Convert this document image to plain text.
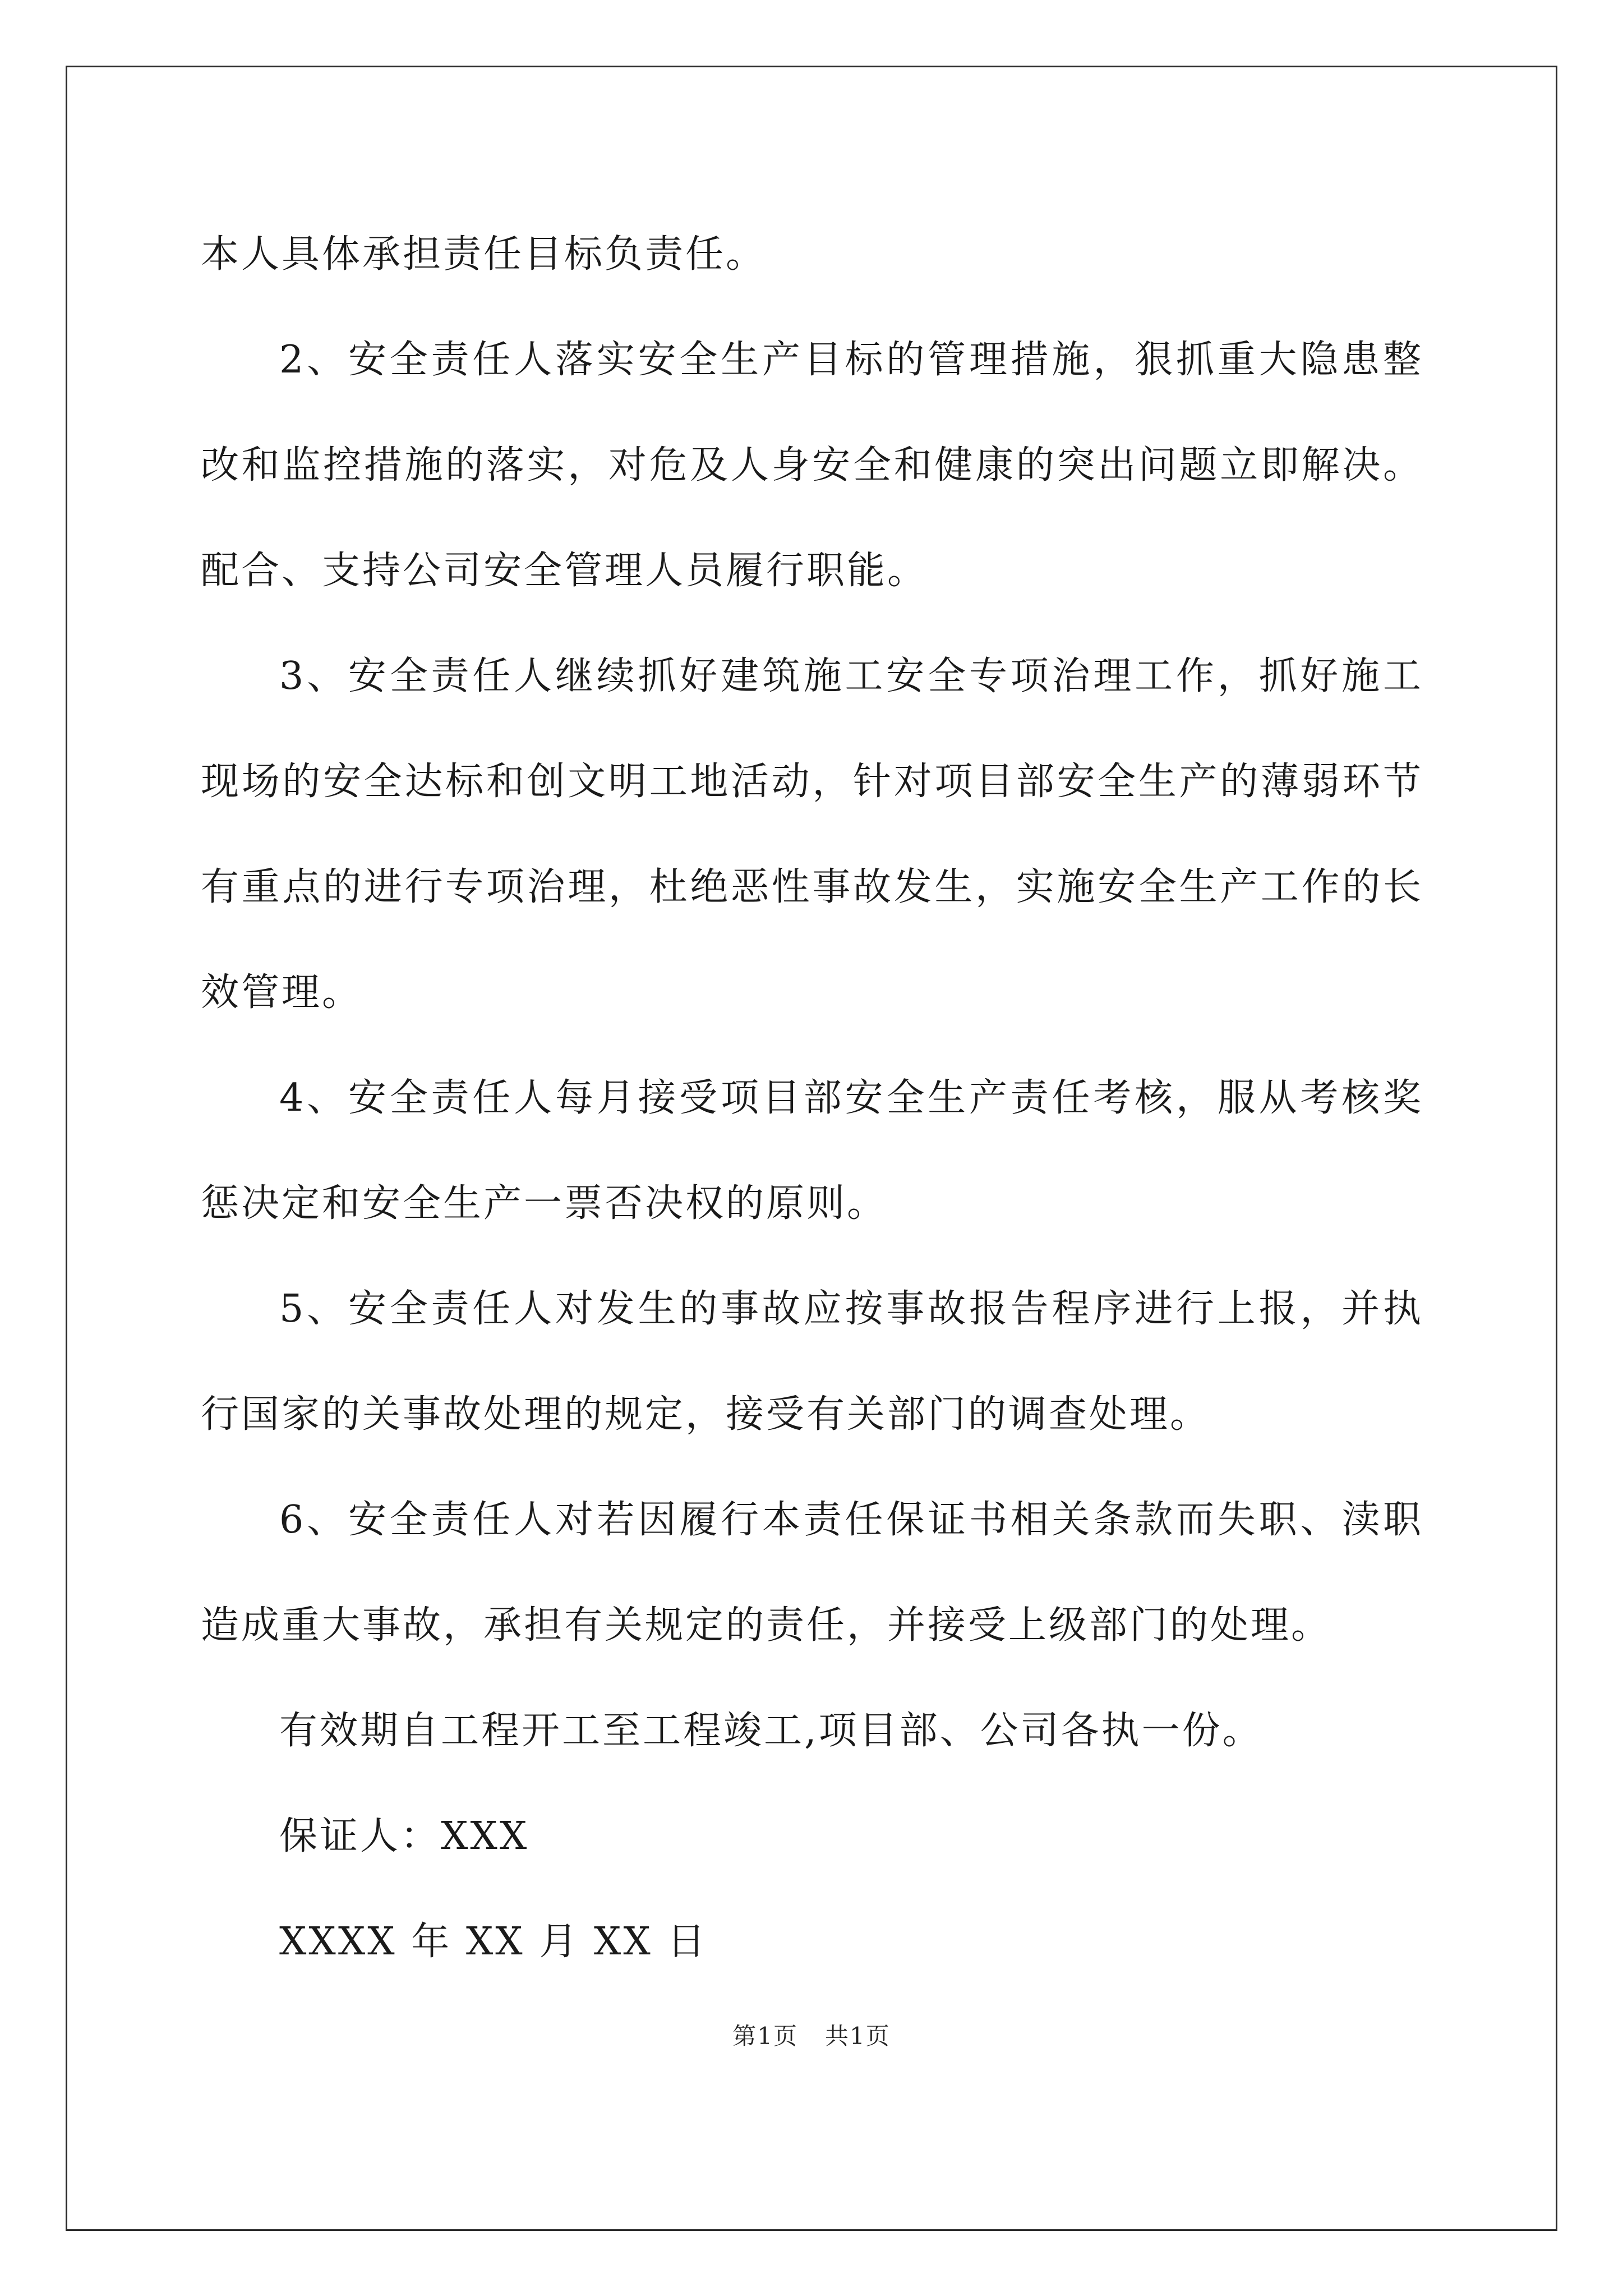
本人具体承担责任目标负责任。

2、安全责任人落实安全生产目标的管理措施，狠抓重大隐患整改和监控措施的落实，对危及人身安全和健康的突出问题立即解决。配合、支持公司安全管理人员履行职能。

3、安全责任人继续抓好建筑施工安全专项治理工作，抓好施工现场的安全达标和创文明工地活动，针对项目部安全生产的薄弱环节有重点的进行专项治理，杜绝恶性事故发生，实施安全生产工作的长效管理。

4、安全责任人每月接受项目部安全生产责任考核，服从考核奖惩决定和安全生产一票否决权的原则。

5、安全责任人对发生的事故应按事故报告程序进行上报，并执行国家的关事故处理的规定，接受有关部门的调查处理。

6、安全责任人对若因履行本责任保证书相关条款而失职、渎职造成重大事故，承担有关规定的责任，并接受上级部门的处理。

有效期自工程开工至工程竣工,项目部、公司各执一份。

保证人：XXX

XXXX 年 XX 月 XX 日

第1页 共1页
